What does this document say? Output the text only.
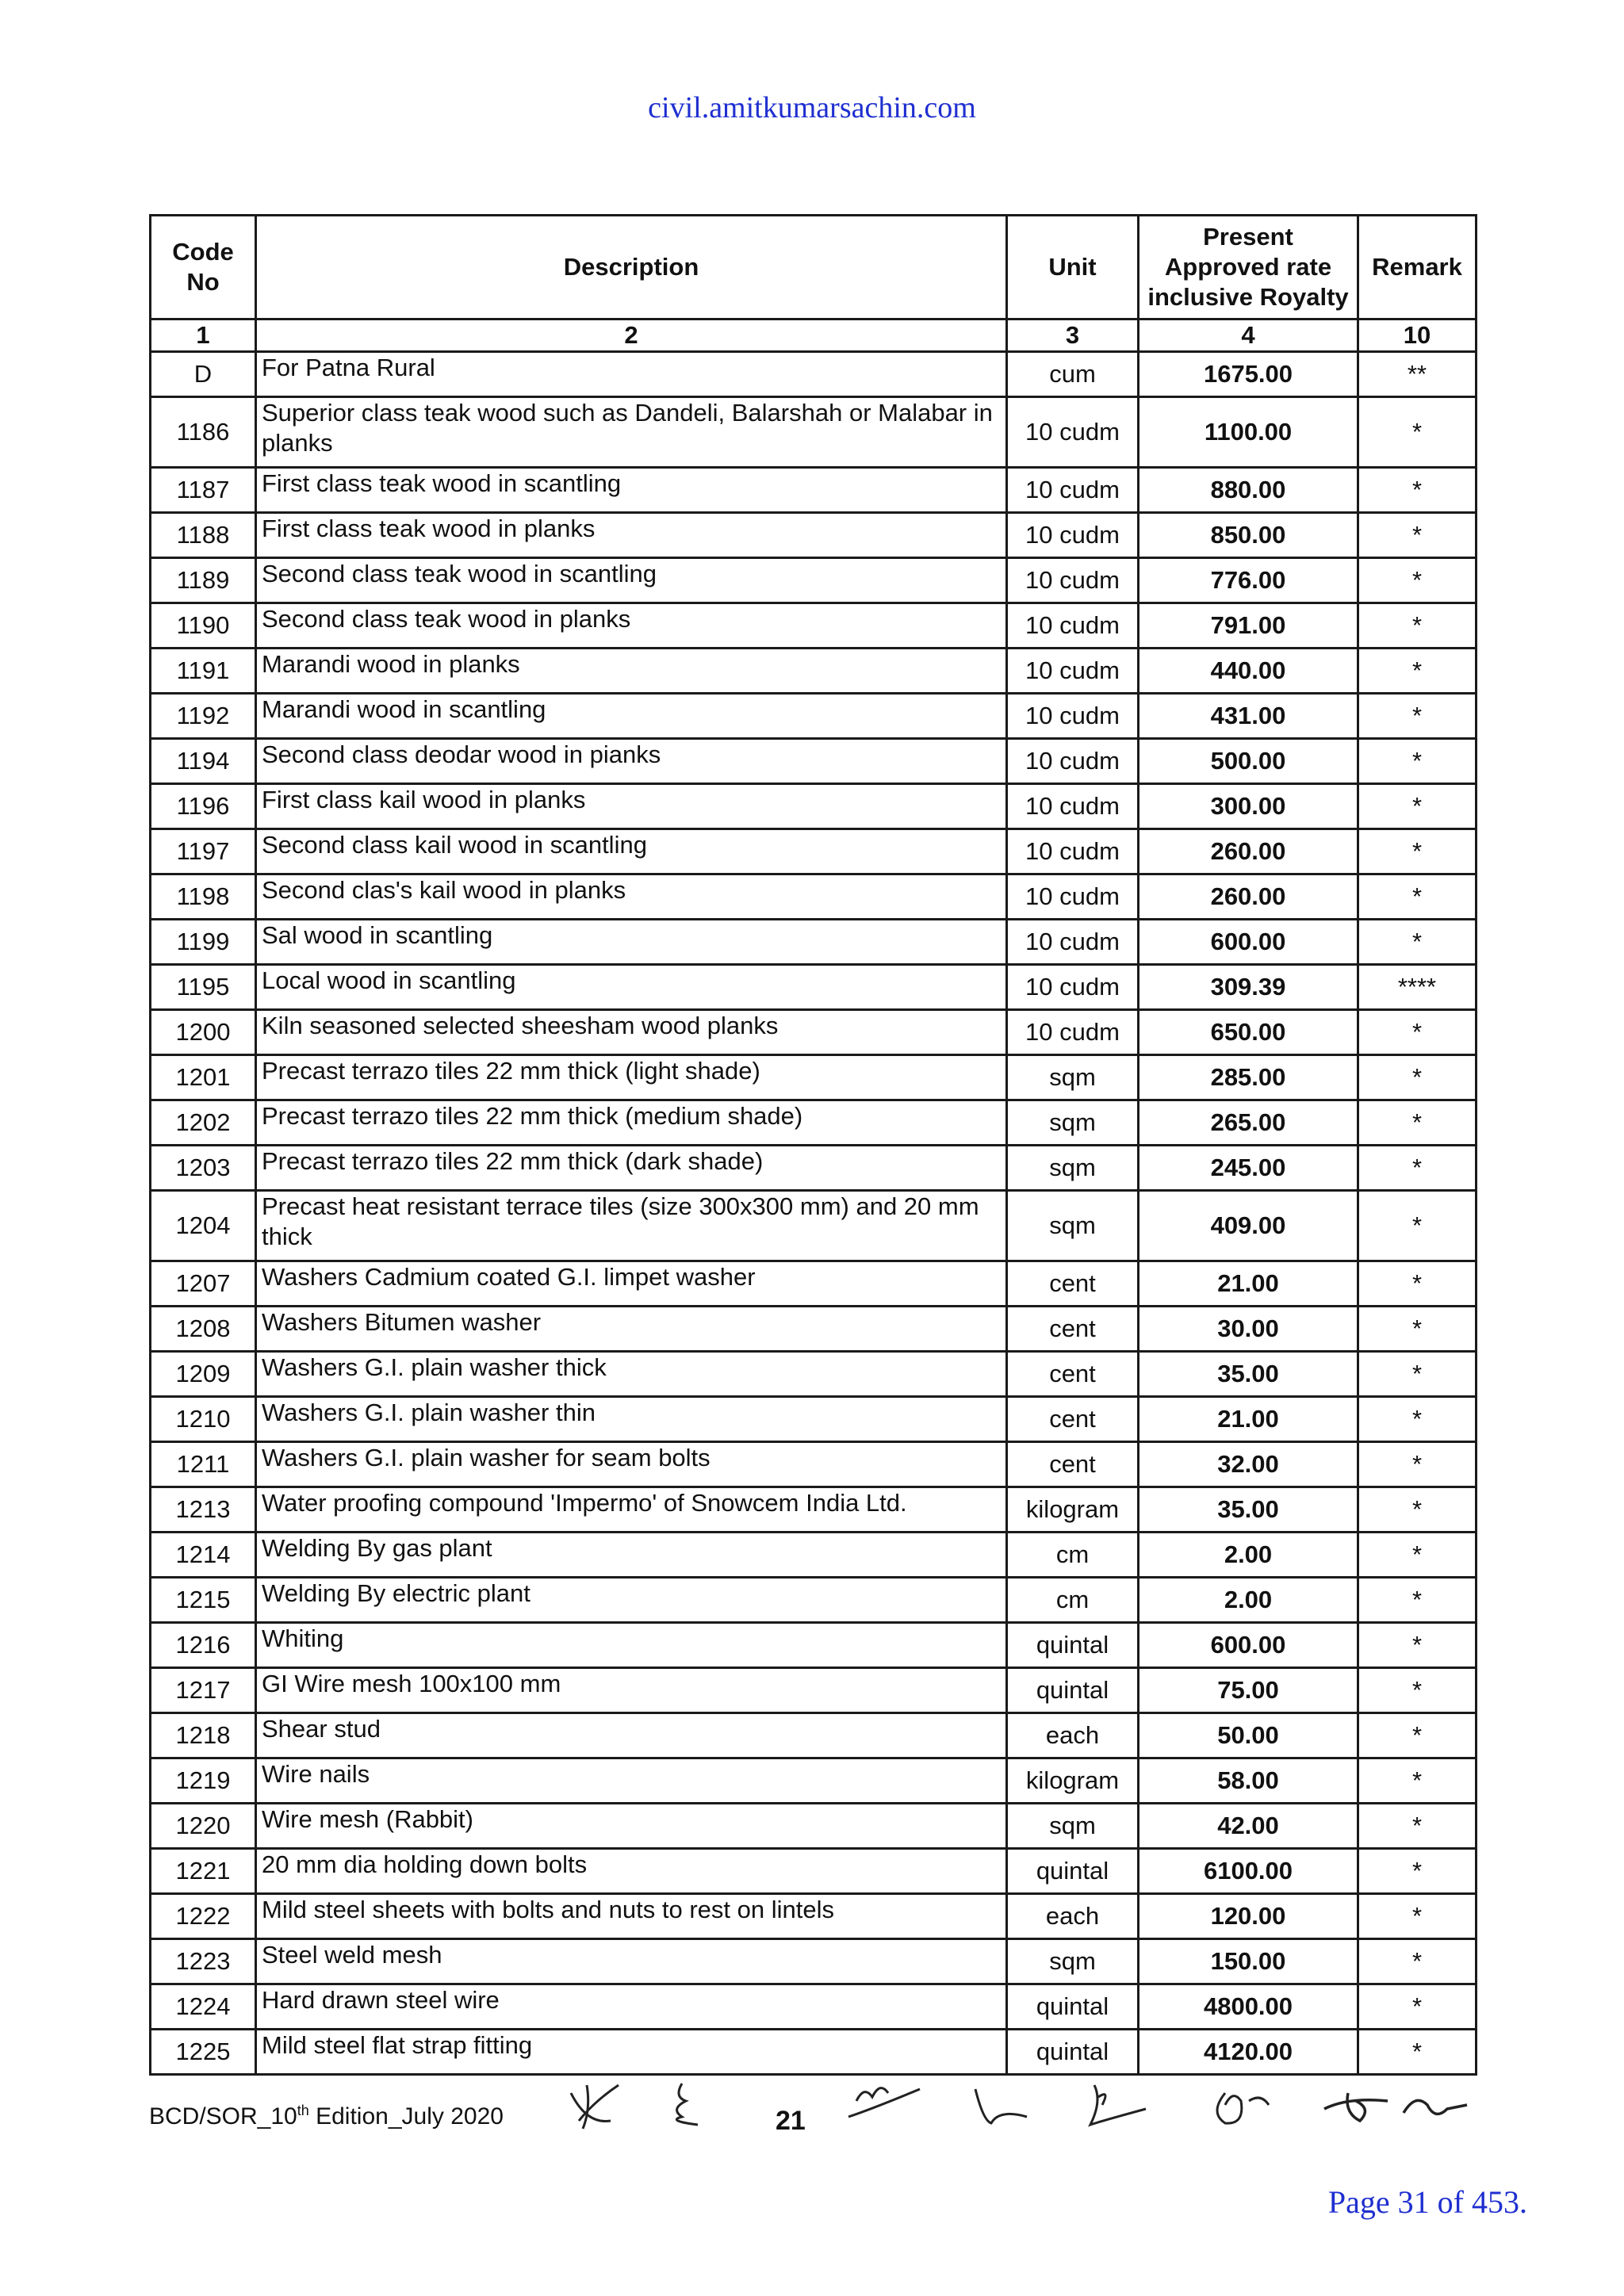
civil.amitkumarsachin.com
Code No	Description	Unit	Present Approved rate inclusive Royalty	Remark
1	2	3	4	10
D	For Patna Rural	cum	1675.00	**
1186	Superior class teak wood such as Dandeli, Balarshah or Malabar in planks	10 cudm	1100.00	*
1187	First class teak wood in scantling	10 cudm	880.00	*
1188	First class teak wood in planks	10 cudm	850.00	*
1189	Second class teak wood in scantling	10 cudm	776.00	*
1190	Second class teak wood in planks	10 cudm	791.00	*
1191	Marandi wood in planks	10 cudm	440.00	*
1192	Marandi wood in scantling	10 cudm	431.00	*
1194	Second class deodar wood in pianks	10 cudm	500.00	*
1196	First class kail wood in planks	10 cudm	300.00	*
1197	Second class kail wood in scantling	10 cudm	260.00	*
1198	Second clas's kail wood in planks	10 cudm	260.00	*
1199	Sal wood in scantling	10 cudm	600.00	*
1195	Local wood in scantling	10 cudm	309.39	****
1200	Kiln seasoned selected sheesham wood planks	10 cudm	650.00	*
1201	Precast terrazo tiles 22 mm thick (light shade)	sqm	285.00	*
1202	Precast terrazo tiles 22 mm thick (medium shade)	sqm	265.00	*
1203	Precast terrazo tiles 22 mm thick (dark shade)	sqm	245.00	*
1204	Precast heat resistant terrace tiles (size 300x300 mm) and 20 mm thick	sqm	409.00	*
1207	Washers Cadmium coated G.I. limpet washer	cent	21.00	*
1208	Washers Bitumen washer	cent	30.00	*
1209	Washers G.I. plain washer thick	cent	35.00	*
1210	Washers G.I. plain washer thin	cent	21.00	*
1211	Washers G.I. plain washer for seam bolts	cent	32.00	*
1213	Water proofing compound 'Impermo' of Snowcem India Ltd.	kilogram	35.00	*
1214	Welding By gas plant	cm	2.00	*
1215	Welding By electric plant	cm	2.00	*
1216	Whiting	quintal	600.00	*
1217	GI Wire mesh 100x100 mm	quintal	75.00	*
1218	Shear stud	each	50.00	*
1219	Wire nails	kilogram	58.00	*
1220	Wire mesh (Rabbit)	sqm	42.00	*
1221	20 mm dia holding down bolts	quintal	6100.00	*
1222	Mild steel sheets with bolts and nuts to rest on lintels	each	120.00	*
1223	Steel weld mesh	sqm	150.00	*
1224	Hard drawn steel wire	quintal	4800.00	*
1225	Mild steel flat strap fitting	quintal	4120.00	*
BCD/SOR_10th Edition_July 2020	21
Page 31 of 453.
